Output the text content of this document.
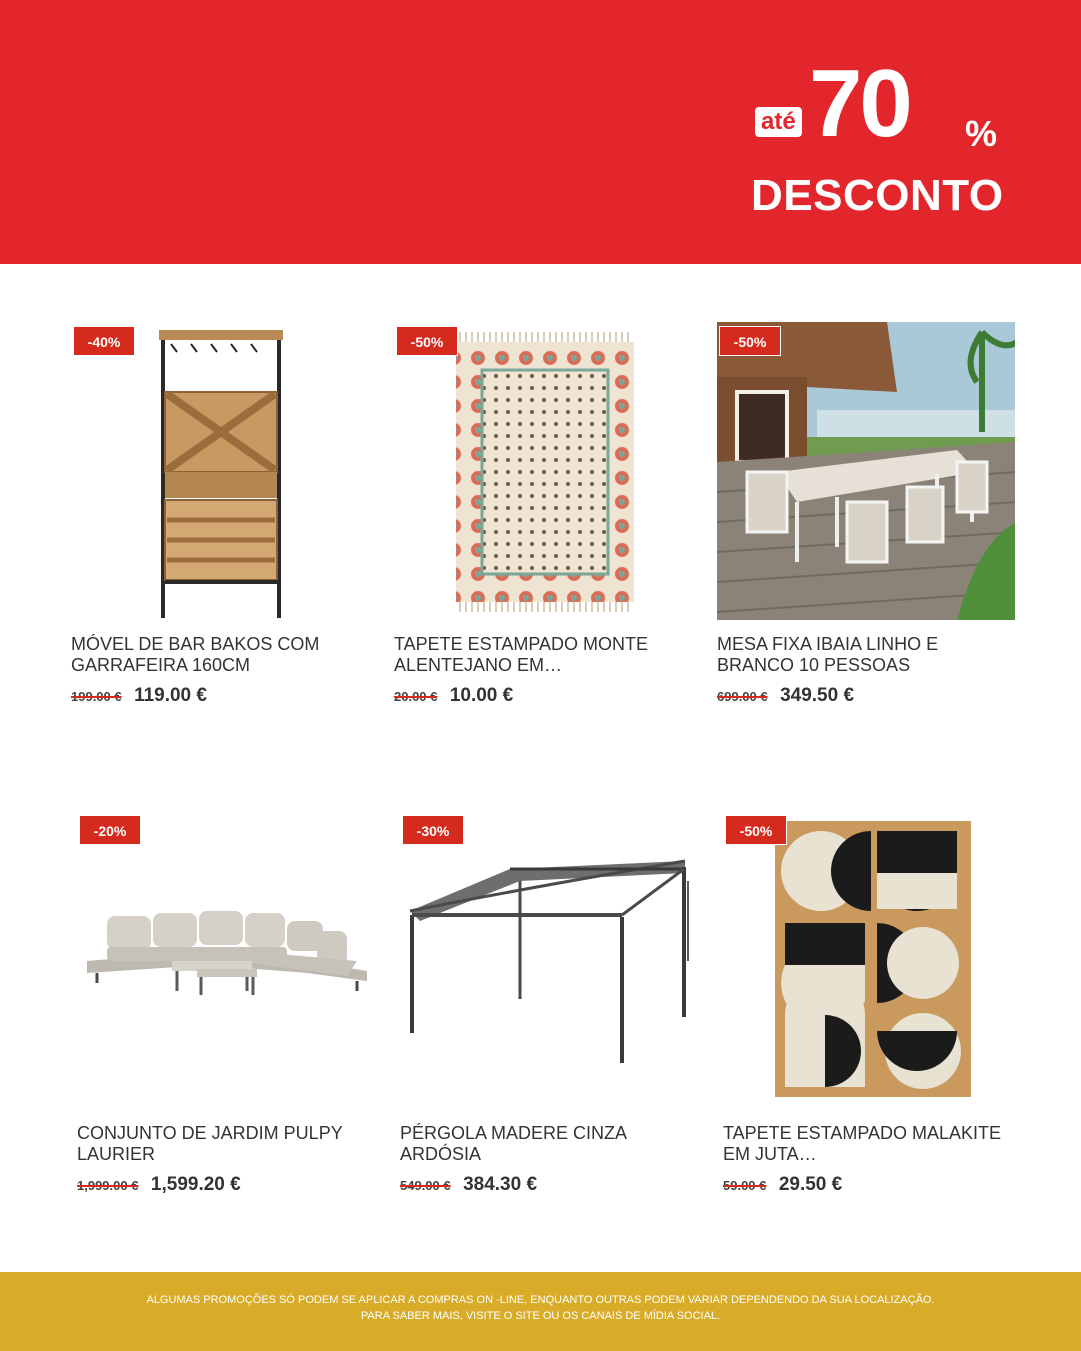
até 70 %
DESCONTO
-40%
MÓVEL DE BAR BAKOS COM GARRAFEIRA 160CM
199.00 € 119.00 €
-50%
TAPETE ESTAMPADO MONTE ALENTEJANO EM…
20.00 € 10.00 €
-50%
MESA FIXA IBAIA LINHO E BRANCO 10 PESSOAS
699.00 € 349.50 €
-20%
CONJUNTO DE JARDIM PULPY LAURIER
1,999.00 € 1,599.20 €
-30%
PÉRGOLA MADERE CINZA ARDÓSIA
549.00 € 384.30 €
-50%
TAPETE ESTAMPADO MALAKITE EM JUTA…
59.00 € 29.50 €

ALGUMAS PROMOÇÕES SÓ PODEM SE APLICAR A COMPRAS ON -LINE, ENQUANTO OUTRAS PODEM VARIAR DEPENDENDO DA SUA LOCALIZAÇÃO.

PARA SABER MAIS, VISITE O SITE OU OS CANAIS DE MÍDIA SOCIAL.
